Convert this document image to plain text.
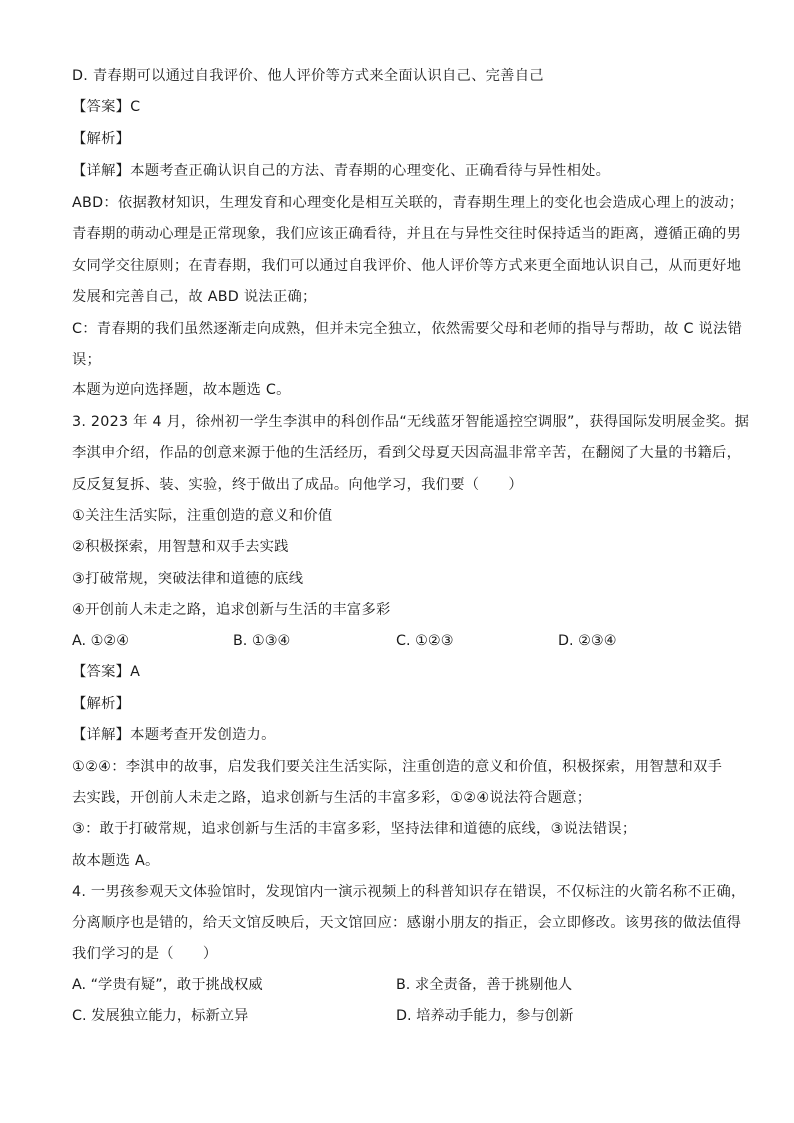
D. 青春期可以通过自我评价、他人评价等方式来全面认识自己、完善自己
【答案】C
【解析】
【详解】本题考查正确认识自己的方法、青春期的心理变化、正确看待与异性相处。
ABD：依据教材知识，生理发育和心理变化是相互关联的，青春期生理上的变化也会造成心理上的波动；
青春期的萌动心理是正常现象，我们应该正确看待，并且在与异性交往时保持适当的距离，遵循正确的男
女同学交往原则；在青春期，我们可以通过自我评价、他人评价等方式来更全面地认识自己，从而更好地
发展和完善自己，故 ABD 说法正确；
C：青春期的我们虽然逐渐走向成熟，但并未完全独立，依然需要父母和老师的指导与帮助，故 C 说法错
误；
本题为逆向选择题，故本题选 C。
3. 2023 年 4 月，徐州初一学生李淇申的科创作品“无线蓝牙智能遥控空调服”，获得国际发明展金奖。据
李淇申介绍，作品的创意来源于他的生活经历，看到父母夏天因高温非常辛苦，在翻阅了大量的书籍后，
反反复复拆、装、实验，终于做出了成品。向他学习，我们要（　　）
①关注生活实际，注重创造的意义和价值
②积极探索，用智慧和双手去实践
③打破常规，突破法律和道德的底线
④开创前人未走之路，追求创新与生活的丰富多彩
A. ①②④	B. ①③④	C. ①②③	D. ②③④
【答案】A
【解析】
【详解】本题考查开发创造力。
①②④：李淇申的故事，启发我们要关注生活实际，注重创造的意义和价值，积极探索，用智慧和双手
去实践，开创前人未走之路，追求创新与生活的丰富多彩，①②④说法符合题意；
③：敢于打破常规，追求创新与生活的丰富多彩，坚持法律和道德的底线，③说法错误；
故本题选 A。
4. 一男孩参观天文体验馆时，发现馆内一演示视频上的科普知识存在错误，不仅标注的火箭名称不正确，
分离顺序也是错的，给天文馆反映后，天文馆回应：感谢小朋友的指正，会立即修改。该男孩的做法值得
我们学习的是（　　）
A. “学贵有疑”，敢于挑战权威	B. 求全责备，善于挑剔他人
C. 发展独立能力，标新立异	D. 培养动手能力，参与创新
